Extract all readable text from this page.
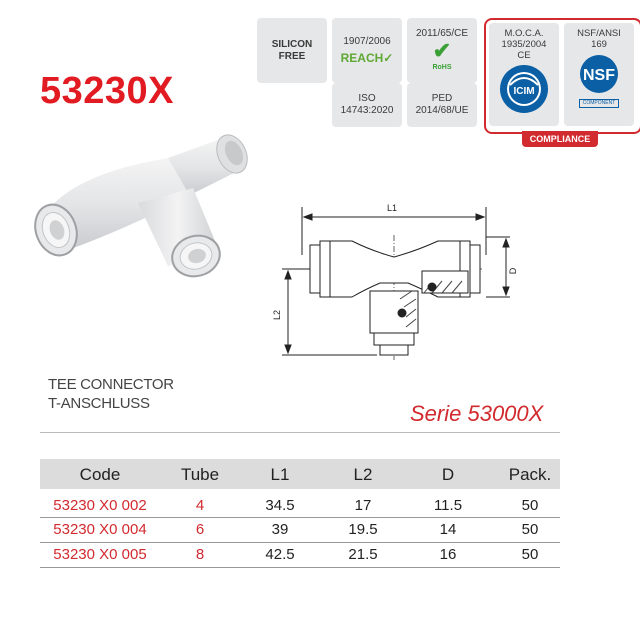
53230X
SILICON
FREE
1907/2006
REACH✓
2011/65/CE
✔
RoHS
ISO
14743:2020
PED
2014/68/UE
M.O.C.A.
1935/2004
CE
ICIM
NSF/ANSI
169
NSF
COMPONENT
COMPLIANCE
L1
D
L2
TEE CONNECTOR
T-ANSCHLUSS	Serie 53000X
Code	Tube	L1	L2	D	Pack.
53230 X0 002	4	34.5	17	11.5	50
53230 X0 004	6	39	19.5	14	50
53230 X0 005	8	42.5	21.5	16	50
